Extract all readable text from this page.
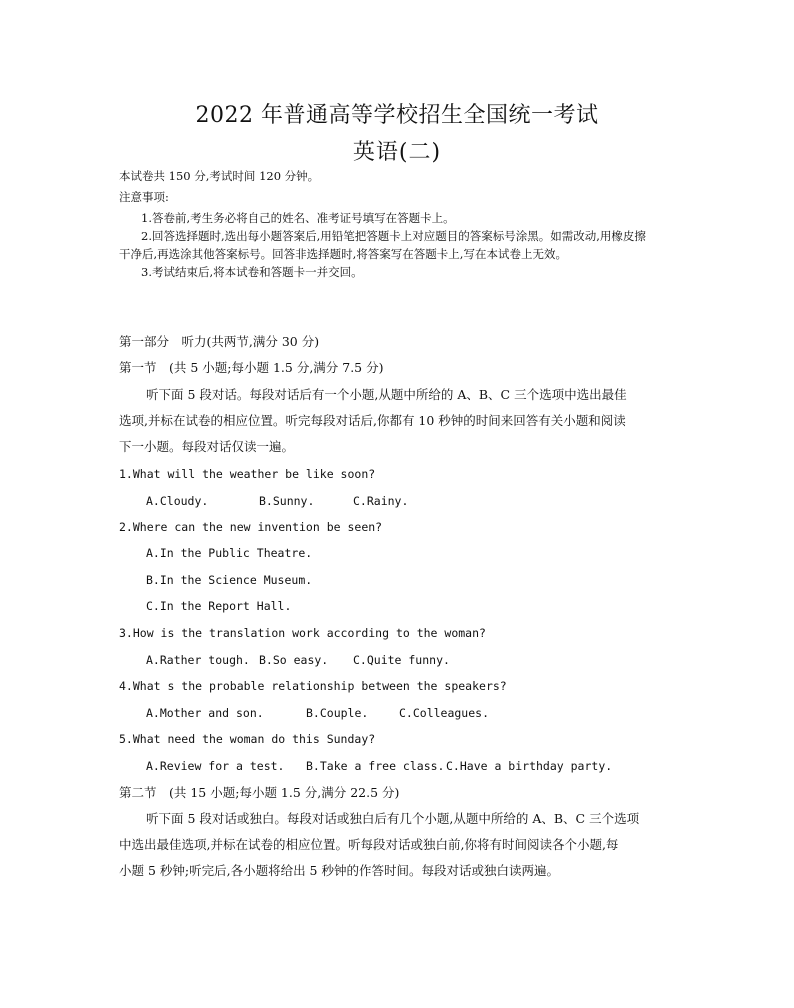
2022 年普通高等学校招生全国统一考试
英语(二)
本试卷共 150 分,考试时间 120 分钟。
注意事项:
1.答卷前,考生务必将自己的姓名、准考证号填写在答题卡上。
2.回答选择题时,选出每小题答案后,用铅笔把答题卡上对应题目的答案标号涂黑。如需改动,用橡皮擦
干净后,再选涂其他答案标号。回答非选择题时,将答案写在答题卡上,写在本试卷上无效。
3.考试结束后,将本试卷和答题卡一并交回。
第一部分　听力(共两节,满分 30 分)
第一节　(共 5 小题;每小题 1.5 分,满分 7.5 分)
听下面 5 段对话。每段对话后有一个小题,从题中所给的 A、B、C 三个选项中选出最佳
选项,并标在试卷的相应位置。听完每段对话后,你都有 10 秒钟的时间来回答有关小题和阅读
下一小题。每段对话仅读一遍。
1.What will the weather be like soon?
A.Cloudy.	B.Sunny.	C.Rainy.
2.Where can the new invention be seen?
A.In the Public Theatre.
B.In the Science Museum.
C.In the Report Hall.
3.How is the translation work according to the woman?
A.Rather tough. B.So easy. C.Quite funny.
4.What s the probable relationship between the speakers?
A.Mother and son.	B.Couple.	C.Colleagues.
5.What need the woman do this Sunday?
A.Review for a test. B.Take a free class. C.Have a birthday party.
第二节　(共 15 小题;每小题 1.5 分,满分 22.5 分)
听下面 5 段对话或独白。每段对话或独白后有几个小题,从题中所给的 A、B、C 三个选项
中选出最佳选项,并标在试卷的相应位置。听每段对话或独白前,你将有时间阅读各个小题,每
小题 5 秒钟;听完后,各小题将给出 5 秒钟的作答时间。每段对话或独白读两遍。
